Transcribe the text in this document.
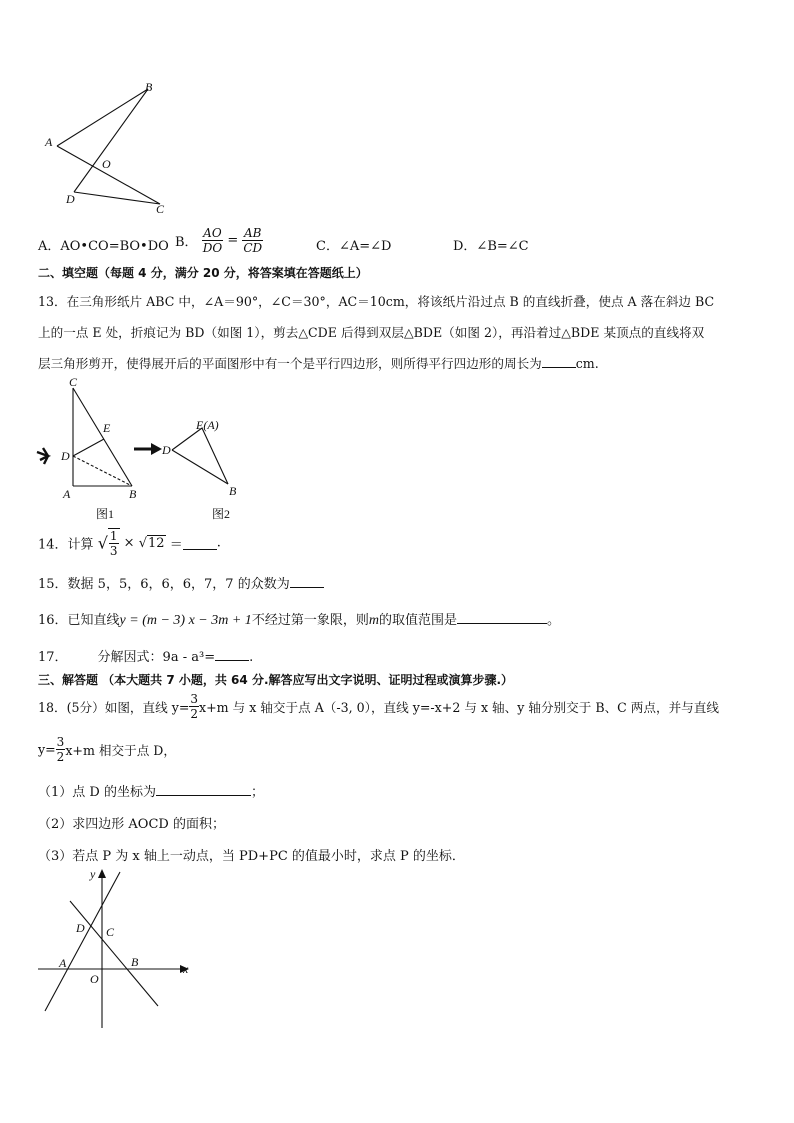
B
A
O
D
C
A．AO•CO=BO•DO B． $\frac{AO}{DO} = \frac{AB}{CD}$	C．∠A=∠D	D．∠B=∠C
二、填空题（每题 4 分，满分 20 分，将答案填在答题纸上）
13．在三角形纸片 ABC 中，∠A＝90°，∠C＝30°，AC＝10cm，将该纸片沿过点 B 的直线折叠，使点 A 落在斜边 BC
上的一点 E 处，折痕记为 BD（如图 1），剪去△CDE 后得到双层△BDE（如图 2），再沿着过△BDE 某顶点的直线将双
层三角形剪开，使得展开后的平面图形中有一个是平行四边形，则所得平行四边形的周长为	cm.
C
E
D
A	B
D
E(A)
B
图1	图2
14．计算 √ $\frac{1}{3} \times √12$ ＝	.
15．数据 5，5，6，6，6，7，7 的众数为
16．已知直线y = (m − 3) x − 3m + 1不经过第一象限，则m的取值范围是	。
17． 分解因式：9a - a³=	.
三、解答题 （本大题共 7 小题，共 64 分.解答应写出文字说明、证明过程或演算步骤.）
18．(5分）如图，直线 $y= \frac{3}{2} x+m$ 与 x 轴交于点 A（-3, 0），直线 y=-x+2 与 x 轴、y 轴分别交于 B、C 两点，并与直线
$y= \frac{3}{2} x+m$ 相交于点 D，
（1）点 D 的坐标为	；
（2）求四边形 AOCD 的面积；
（3）若点 P 为 x 轴上一动点，当 PD+PC 的值最小时，求点 P 的坐标．
y
x
D C
A
O
B
